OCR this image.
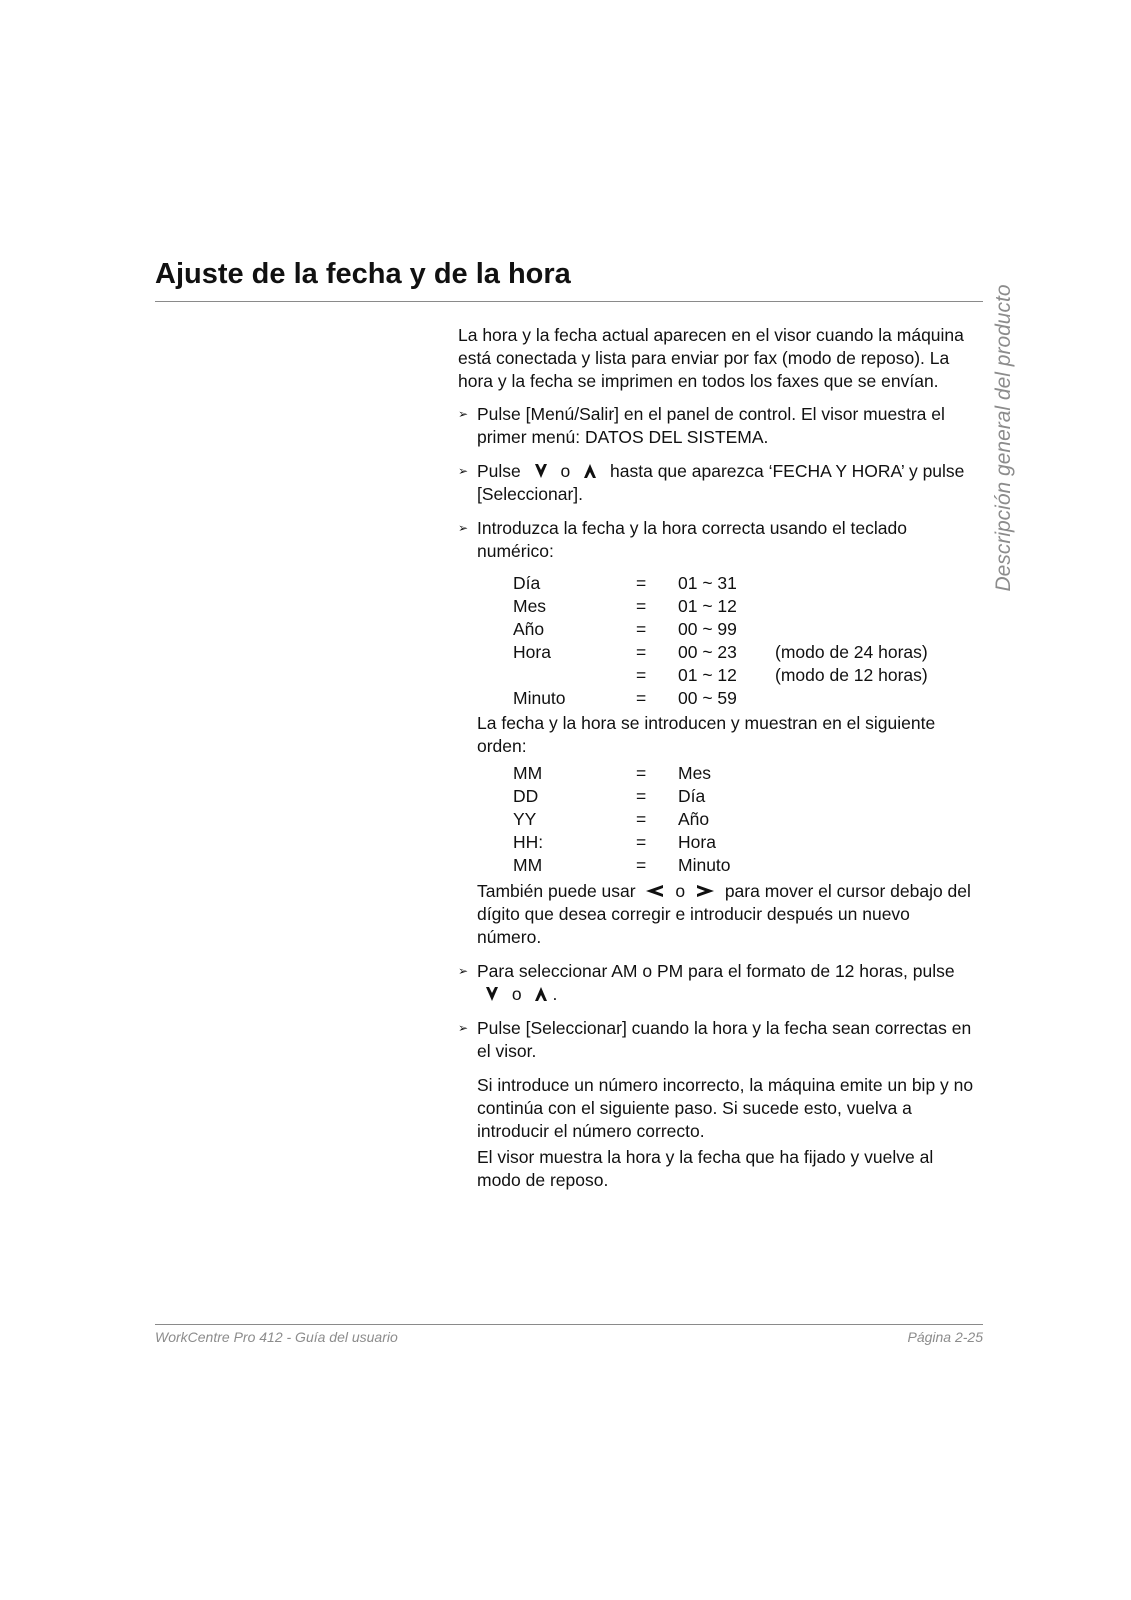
Ajuste de la fecha y de la hora
Descripción general del producto

La hora y la fecha actual aparecen en el visor cuando la máquina está conectada y lista para enviar por fax (modo de reposo). La hora y la fecha se imprimen en todos los faxes que se envían.

➢ Pulse [Menú/Salir] en el panel de control. El visor muestra el primer menú: DATOS DEL SISTEMA.
➢ Pulse o hasta que aparezca ‘FECHA Y HORA’ y pulse [Seleccionar].
➢ Introduzca la fecha y la hora correcta usando el teclado numérico:
Día	=	01 ~ 31	
Mes	=	01 ~ 12	
Año	=	00 ~ 99	
Hora	=	00 ~ 23	(modo de 24 horas)
	=	01 ~ 12	(modo de 12 horas)
Minuto	=	00 ~ 59	

La fecha y la hora se introducen y muestran en el siguiente orden:

MM	=	Mes
DD	=	Día
YY	=	Año
HH:	=	Hora
MM	=	Minuto

También puede usar o para mover el cursor debajo del dígito que desea corregir e introducir después un nuevo número.

➢ Para seleccionar AM o PM para el formato de 12 horas, pulse
o .
➢ Pulse [Seleccionar] cuando la hora y la fecha sean correctas en el visor.

Si introduce un número incorrecto, la máquina emite un bip y no continúa con el siguiente paso. Si sucede esto, vuelva a introducir el número correcto.

El visor muestra la hora y la fecha que ha fijado y vuelve al modo de reposo.

WorkCentre Pro 412 - Guía del usuario	Página 2-25
